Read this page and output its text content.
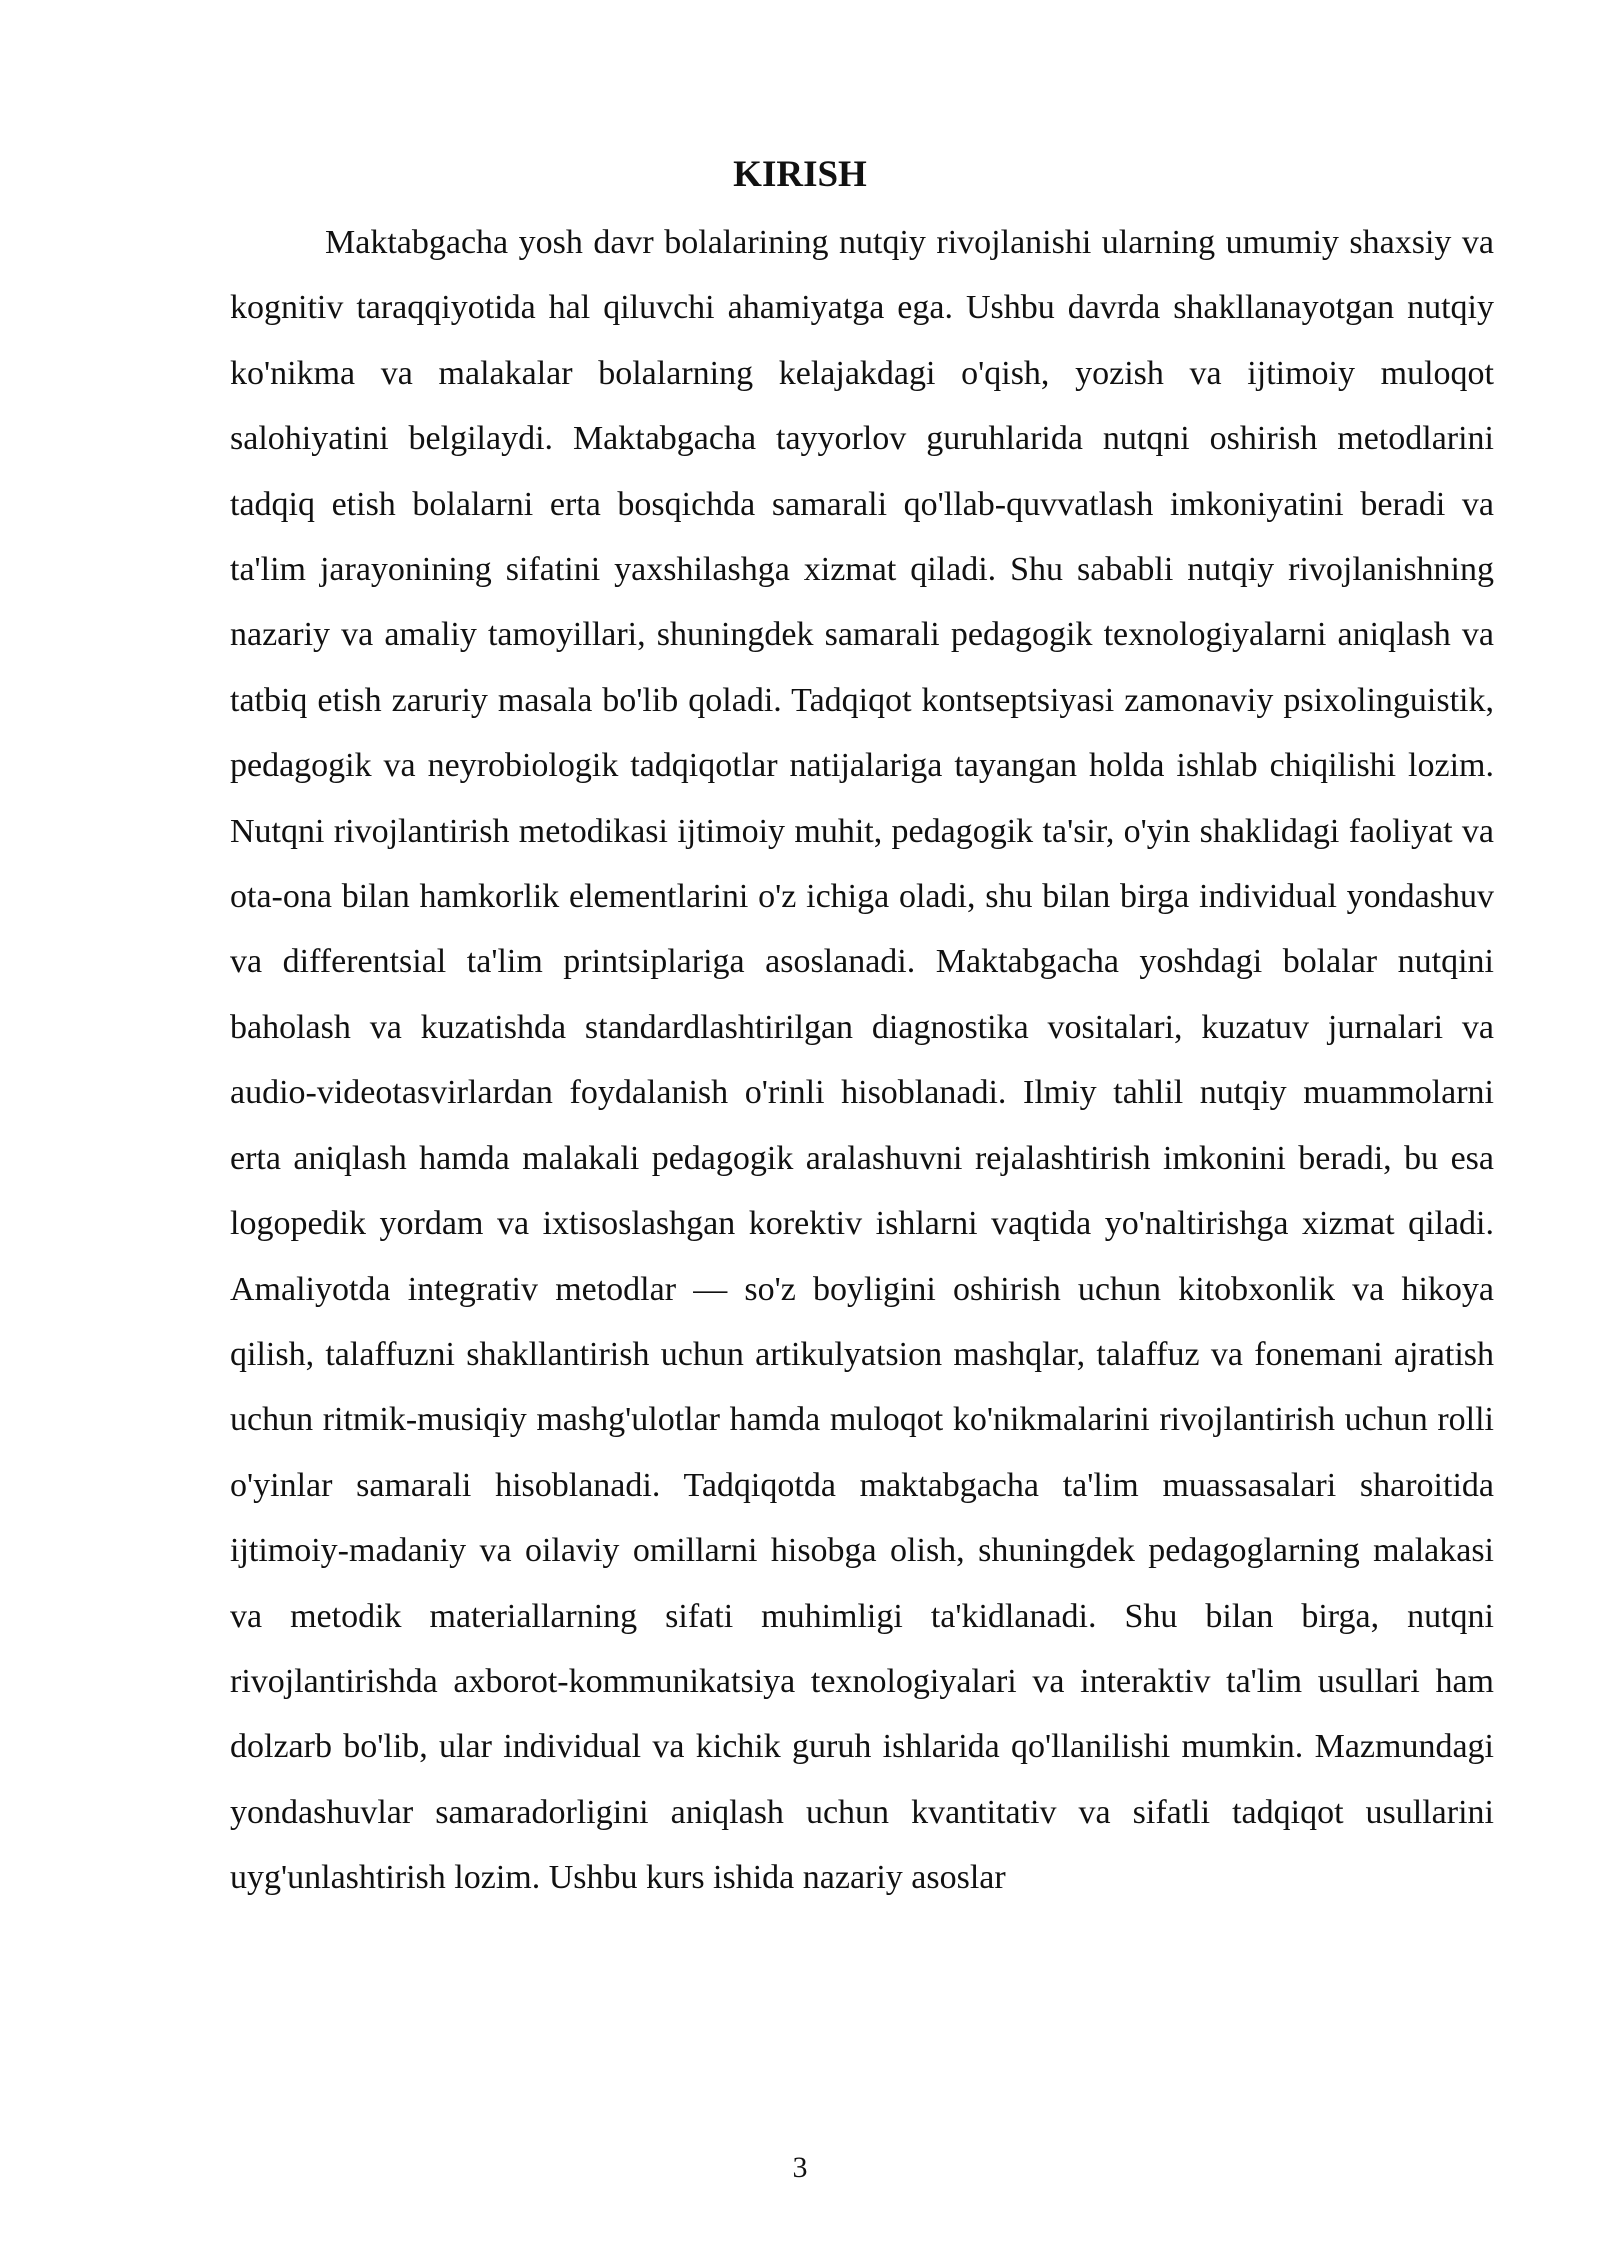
KIRISH

Maktabgacha yosh davr bolalarining nutqiy rivojlanishi ularning umumiy shaxsiy va kognitiv taraqqiyotida hal qiluvchi ahamiyatga ega. Ushbu davrda shakllanayotgan nutqiy ko'nikma va malakalar bolalarning kelajakdagi o'qish, yozish va ijtimoiy muloqot salohiyatini belgilaydi. Maktabgacha tayyorlov guruhlarida nutqni oshirish metodlarini tadqiq etish bolalarni erta bosqichda samarali qo'llab-quvvatlash imkoniyatini beradi va ta'lim jarayonining sifatini yaxshilashga xizmat qiladi. Shu sababli nutqiy rivojlanishning nazariy va amaliy tamoyillari, shuningdek samarali pedagogik texnologiyalarni aniqlash va tatbiq etish zaruriy masala bo'lib qoladi. Tadqiqot kontseptsiyasi zamonaviy psixolinguistik, pedagogik va neyrobiologik tadqiqotlar natijalariga tayangan holda ishlab chiqilishi lozim. Nutqni rivojlantirish metodikasi ijtimoiy muhit, pedagogik ta'sir, o'yin shaklidagi faoliyat va ota-ona bilan hamkorlik elementlarini o'z ichiga oladi, shu bilan birga individual yondashuv va differentsial ta'lim printsiplariga asoslanadi. Maktabgacha yoshdagi bolalar nutqini baholash va kuzatishda standardlashtirilgan diagnostika vositalari, kuzatuv jurnalari va audio-videotasvirlardan foydalanish o'rinli hisoblanadi. Ilmiy tahlil nutqiy muammolarni erta aniqlash hamda malakali pedagogik aralashuvni rejalashtirish imkonini beradi, bu esa logopedik yordam va ixtisoslashgan korektiv ishlarni vaqtida yo'naltirishga xizmat qiladi. Amaliyotda integrativ metodlar — so'z boyligini oshirish uchun kitobxonlik va hikoya qilish, talaffuzni shakllantirish uchun artikulyatsion mashqlar, talaffuz va fonemani ajratish uchun ritmik-musiqiy mashg'ulotlar hamda muloqot ko'nikmalarini rivojlantirish uchun rolli o'yinlar samarali hisoblanadi. Tadqiqotda maktabgacha ta'lim muassasalari sharoitida ijtimoiy-madaniy va oilaviy omillarni hisobga olish, shuningdek pedagoglarning malakasi va metodik materiallarning sifati muhimligi ta'kidlanadi. Shu bilan birga, nutqni rivojlantirishda axborot-kommunikatsiya texnologiyalari va interaktiv ta'lim usullari ham dolzarb bo'lib, ular individual va kichik guruh ishlarida qo'llanilishi mumkin. Mazmundagi yondashuvlar samaradorligini aniqlash uchun kvantitativ va sifatli tadqiqot usullarini uyg'unlashtirish lozim. Ushbu kurs ishida nazariy asoslar

3
